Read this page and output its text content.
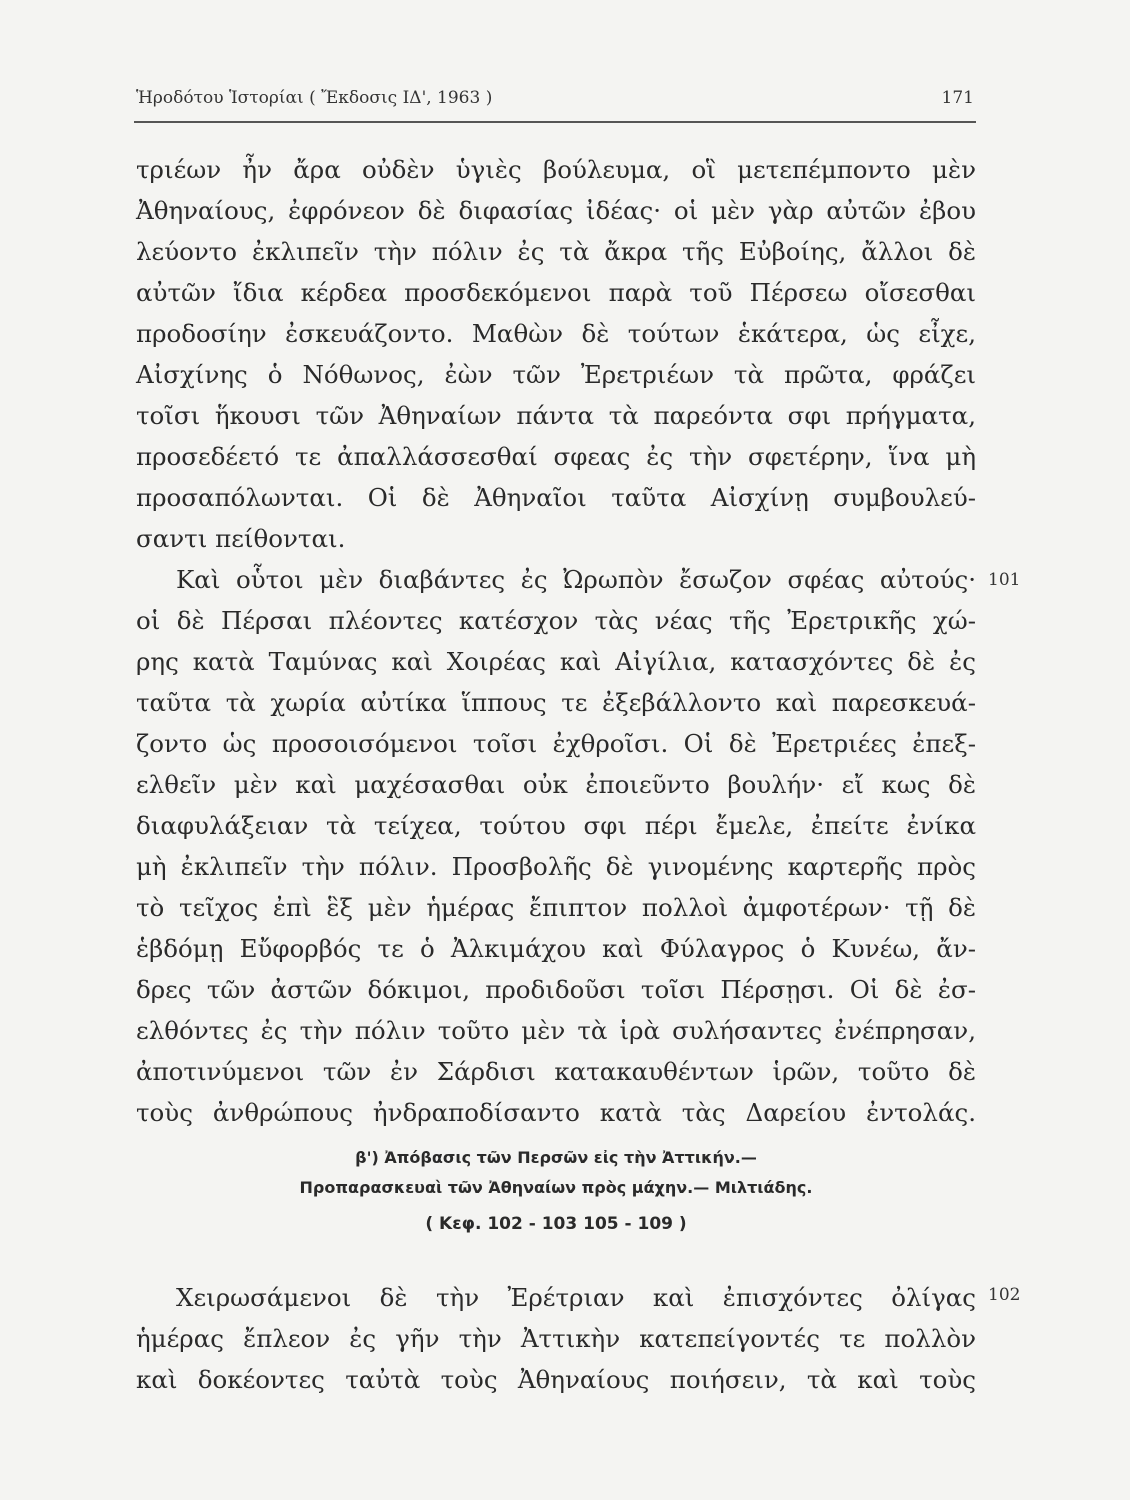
Ἡροδότου Ἱστορίαι ( Ἔκδοσις ΙΔ', 1963 )	171
τριέων ἦν ἄρα οὐδὲν ὑγιὲς βούλευμα, οἳ μετεπέμποντο μὲν
Ἀθηναίους, ἐφρόνεον δὲ διφασίας ἰδέας· οἱ μὲν γὰρ αὐτῶν ἐβου
λεύοντο ἐκλιπεῖν τὴν πόλιν ἐς τὰ ἄκρα τῆς Εὐβοίης, ἄλλοι δὲ
αὐτῶν ἴδια κέρδεα προσδεκόμενοι παρὰ τοῦ Πέρσεω οἴσεσθαι
προδοσίην ἐσκευάζοντο. Μαθὼν δὲ τούτων ἑκάτερα, ὡς εἶχε,
Αἰσχίνης ὁ Νόθωνος, ἐὼν τῶν Ἐρετριέων τὰ πρῶτα, φράζει
τοῖσι ἥκουσι τῶν Ἀθηναίων πάντα τὰ παρεόντα σφι πρήγματα,
προσεδέετό τε ἀπαλλάσσεσθαί σφεας ἐς τὴν σφετέρην, ἵνα μὴ
προσαπόλωνται. Οἱ δὲ Ἀθηναῖοι ταῦτα Αἰσχίνῃ συμβουλεύ-
σαντι πείθονται.
Καὶ οὗτοι μὲν διαβάντες ἐς Ὠρωπὸν ἔσωζον σφέας αὐτούς·
οἱ δὲ Πέρσαι πλέοντες κατέσχον τὰς νέας τῆς Ἐρετρικῆς χώ-
ρης κατὰ Ταμύνας καὶ Χοιρέας καὶ Αἰγίλια, κατασχόντες δὲ ἐς
ταῦτα τὰ χωρία αὐτίκα ἵππους τε ἐξεβάλλοντο καὶ παρεσκευά-
ζοντο ὡς προσοισόμενοι τοῖσι ἐχθροῖσι. Οἱ δὲ Ἐρετριέες ἐπεξ-
ελθεῖν μὲν καὶ μαχέσασθαι οὐκ ἐποιεῦντο βουλήν· εἴ κως δὲ
διαφυλάξειαν τὰ τείχεα, τούτου σφι πέρι ἔμελε, ἐπείτε ἐνίκα
μὴ ἐκλιπεῖν τὴν πόλιν. Προσβολῆς δὲ γινομένης καρτερῆς πρὸς
τὸ τεῖχος ἐπὶ ἓξ μὲν ἡμέρας ἔπιπτον πολλοὶ ἀμφοτέρων· τῇ δὲ
ἑβδόμῃ Εὔφορβός τε ὁ Ἀλκιμάχου καὶ Φύλαγρος ὁ Κυνέω, ἄν-
δρες τῶν ἀστῶν δόκιμοι, προδιδοῦσι τοῖσι Πέρσῃσι. Οἱ δὲ ἐσ-
ελθόντες ἐς τὴν πόλιν τοῦτο μὲν τὰ ἱρὰ συλήσαντες ἐνέπρησαν,
ἀποτινύμενοι τῶν ἐν Σάρδισι κατακαυθέντων ἱρῶν, τοῦτο δὲ
τοὺς ἀνθρώπους ἠνδραποδίσαντο κατὰ τὰς Δαρείου ἐντολάς.
101
β') Ἀπόβασις τῶν Περσῶν εἰς τὴν Ἀττικήν.—
Προπαρασκευαὶ τῶν Ἀθηναίων πρὸς μάχην.— Μιλτιάδης.
( Κεφ. 102 - 103 105 - 109 )
Χειρωσάμενοι δὲ τὴν Ἐρέτριαν καὶ ἐπισχόντες ὀλίγας
ἡμέρας ἔπλεον ἐς γῆν τὴν Ἀττικὴν κατεπείγοντές τε πολλὸν
καὶ δοκέοντες ταὐτὰ τοὺς Ἀθηναίους ποιήσειν, τὰ καὶ τοὺς
102
